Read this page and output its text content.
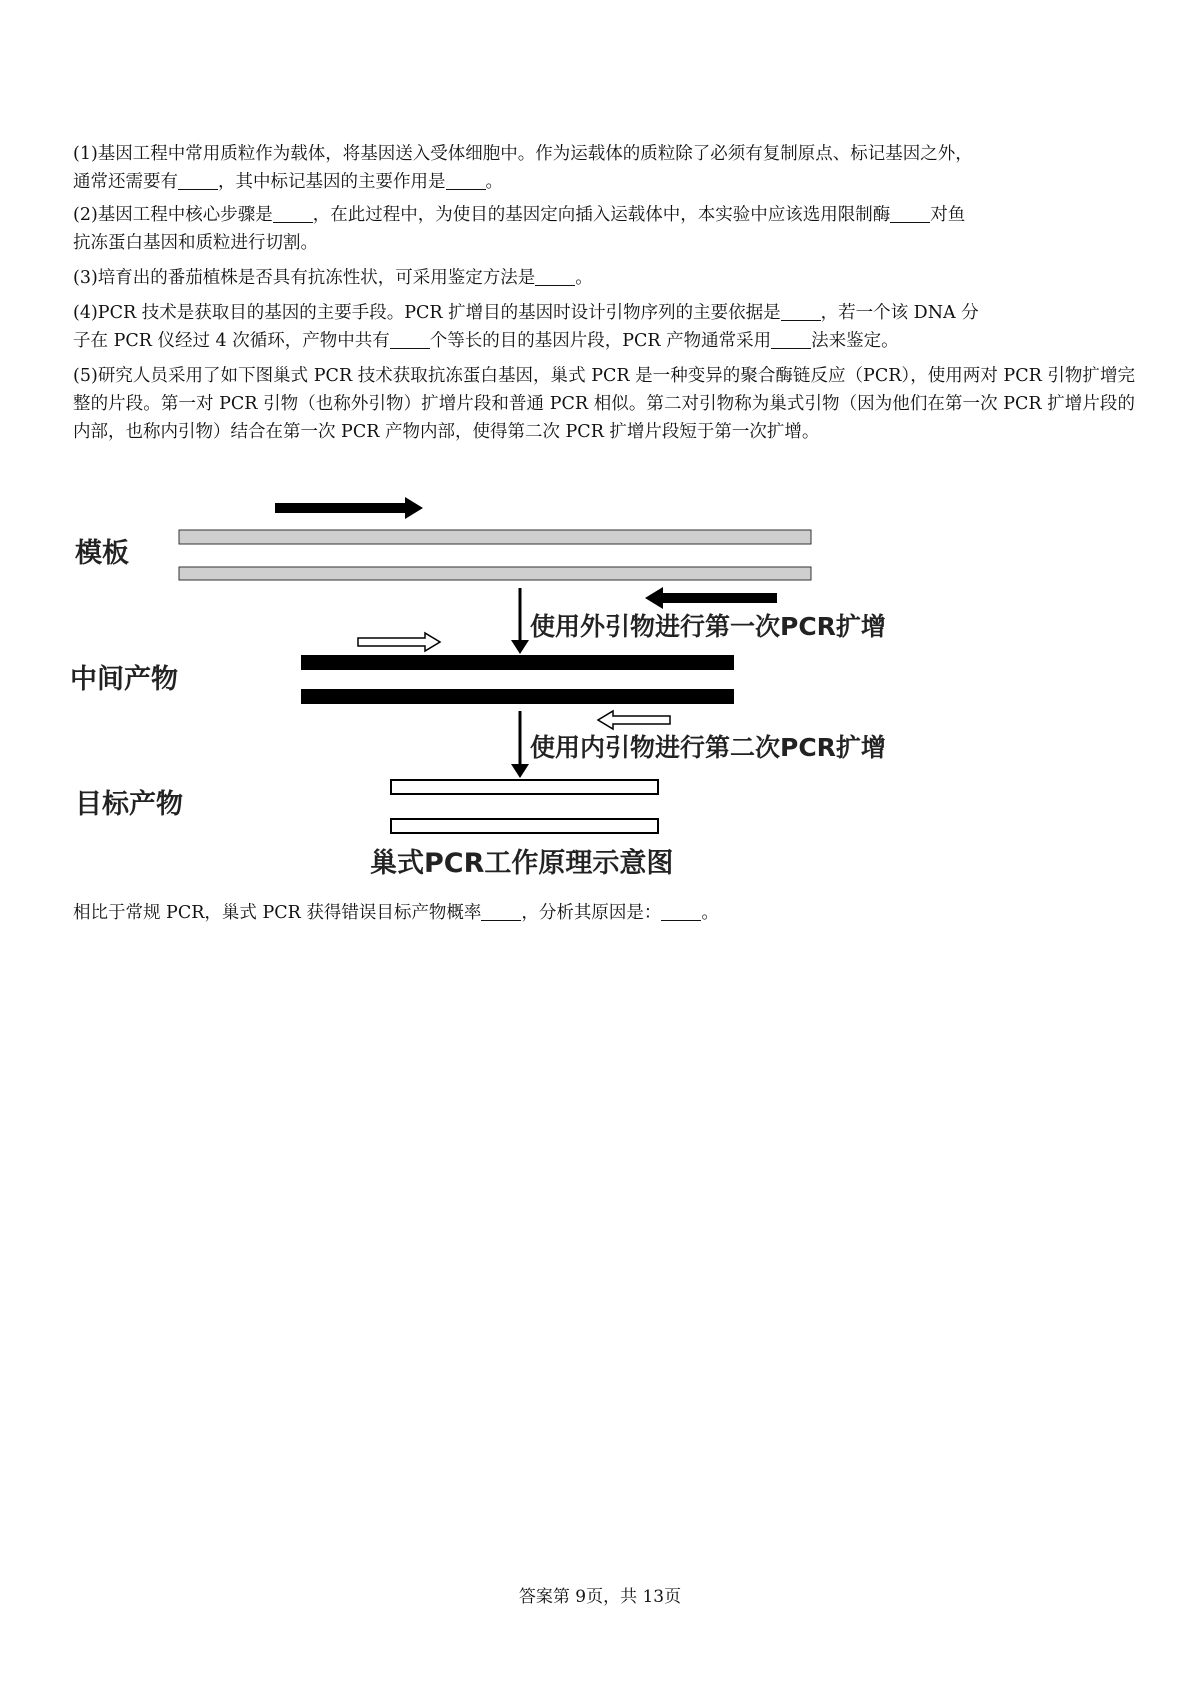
(1)基因工程中常用质粒作为载体，将基因送入受体细胞中。作为运载体的质粒除了必须有复制原点、标记基因之外，
通常还需要有 ，其中标记基因的主要作用是 。

(2)基因工程中核心步骤是 ，在此过程中，为使目的基因定向插入运载体中，本实验中应该选用限制酶 对鱼
抗冻蛋白基因和质粒进行切割。

(3)培育出的番茄植株是否具有抗冻性状，可采用鉴定方法是 。

(4)PCR 技术是获取目的基因的主要手段。PCR 扩增目的基因时设计引物序列的主要依据是 ，若一个该 DNA 分
子在 PCR 仪经过 4 次循环，产物中共有 个等长的目的基因片段，PCR 产物通常采用 法来鉴定。

(5)研究人员采用了如下图巢式 PCR 技术获取抗冻蛋白基因，巢式 PCR 是一种变异的聚合酶链反应（PCR），使用两对 PCR 引物扩增完整的片段。第一对 PCR 引物（也称外引物）扩增片段和普通 PCR 相似。第二对引物称为巢式引物（因为他们在第一次 PCR 扩增片段的内部，也称内引物）结合在第一次 PCR 产物内部，使得第二次 PCR 扩增片段短于第一次扩增。

模板
使用外引物进行第一次PCR扩增
中间产物
使用内引物进行第二次PCR扩增
目标产物
巢式PCR工作原理示意图

相比于常规 PCR，巢式 PCR 获得错误目标产物概率 ，分析其原因是： 。

答案第 9页，共 13页
